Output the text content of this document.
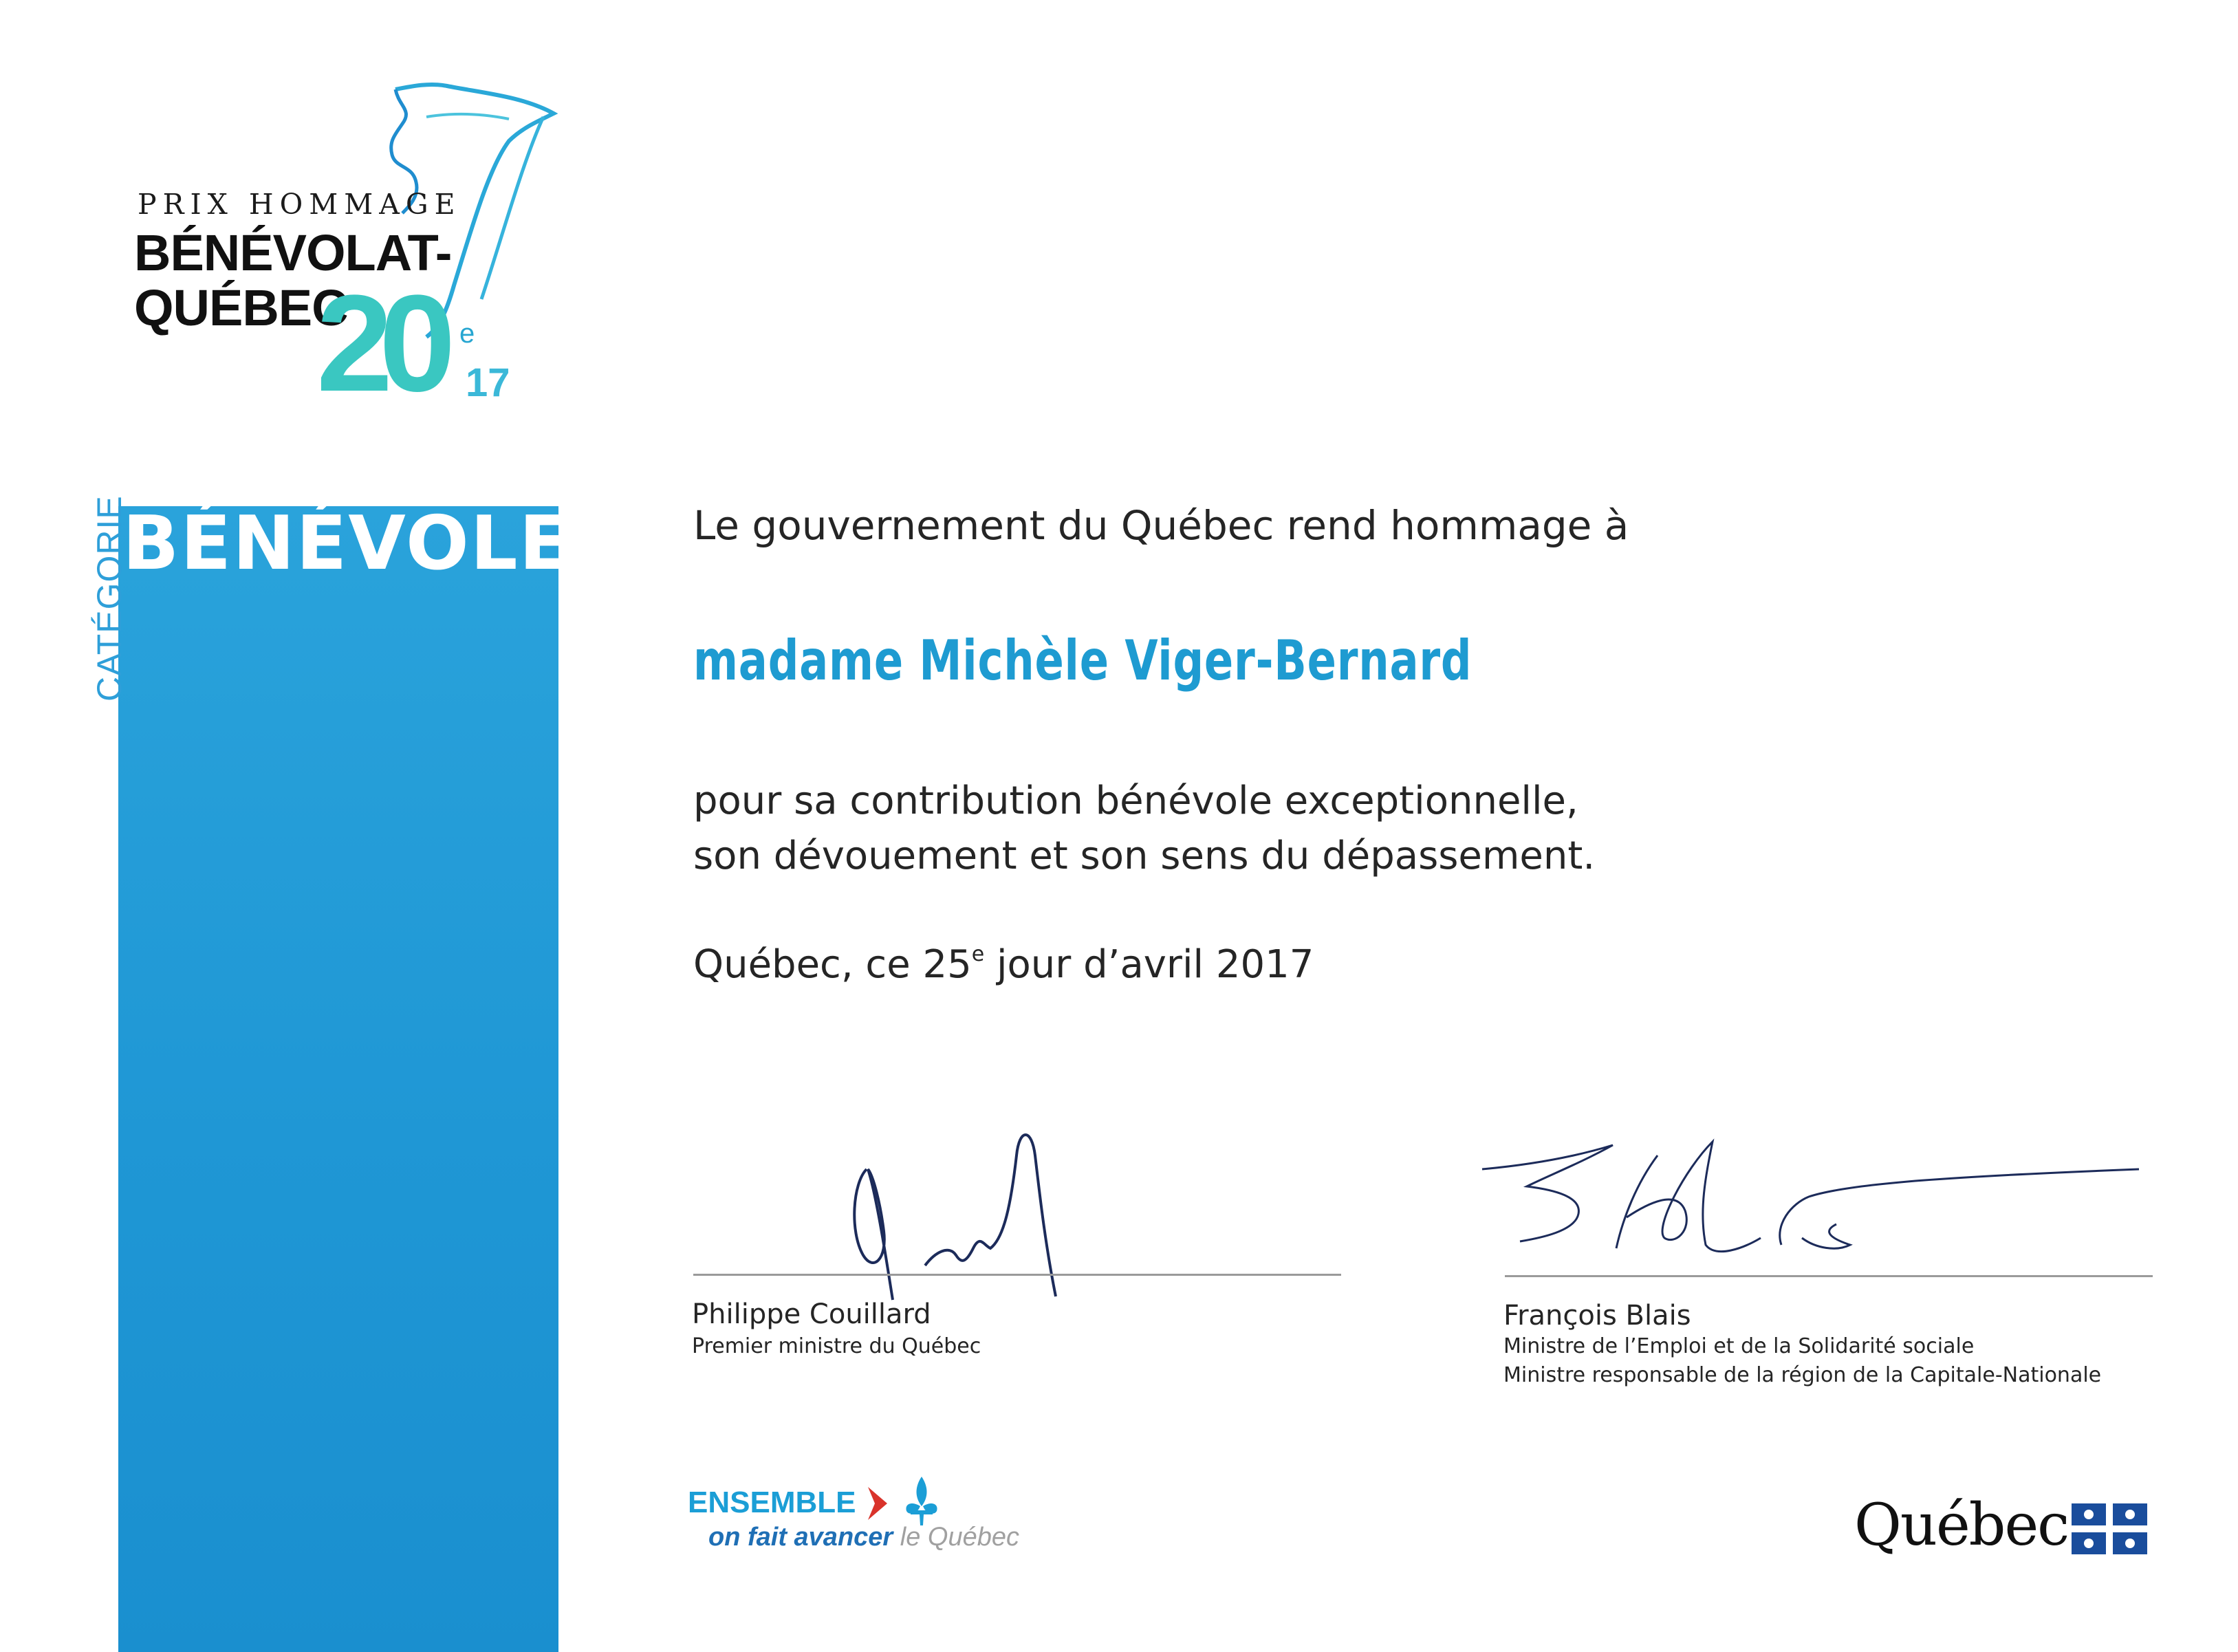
PRIX HOMMAGE
BÉNÉVOLAT-
QUÉBEC
20 e
17
BÉNÉVOLE
CATÉGORIE	Le gouvernement du Québec rend hommage à
madame Michèle Viger-Bernard
pour sa contribution bénévole exceptionnelle,
son dévouement et son sens du dépassement.
Québec, ce 25e jour d’avril 2017
Philippe Couillard
Premier ministre du Québec
François Blais
Ministre de l’Emploi et de la Solidarité sociale
Ministre responsable de la région de la Capitale-Nationale
ENSEMBLE
on fait avancer le Québec	Québec
